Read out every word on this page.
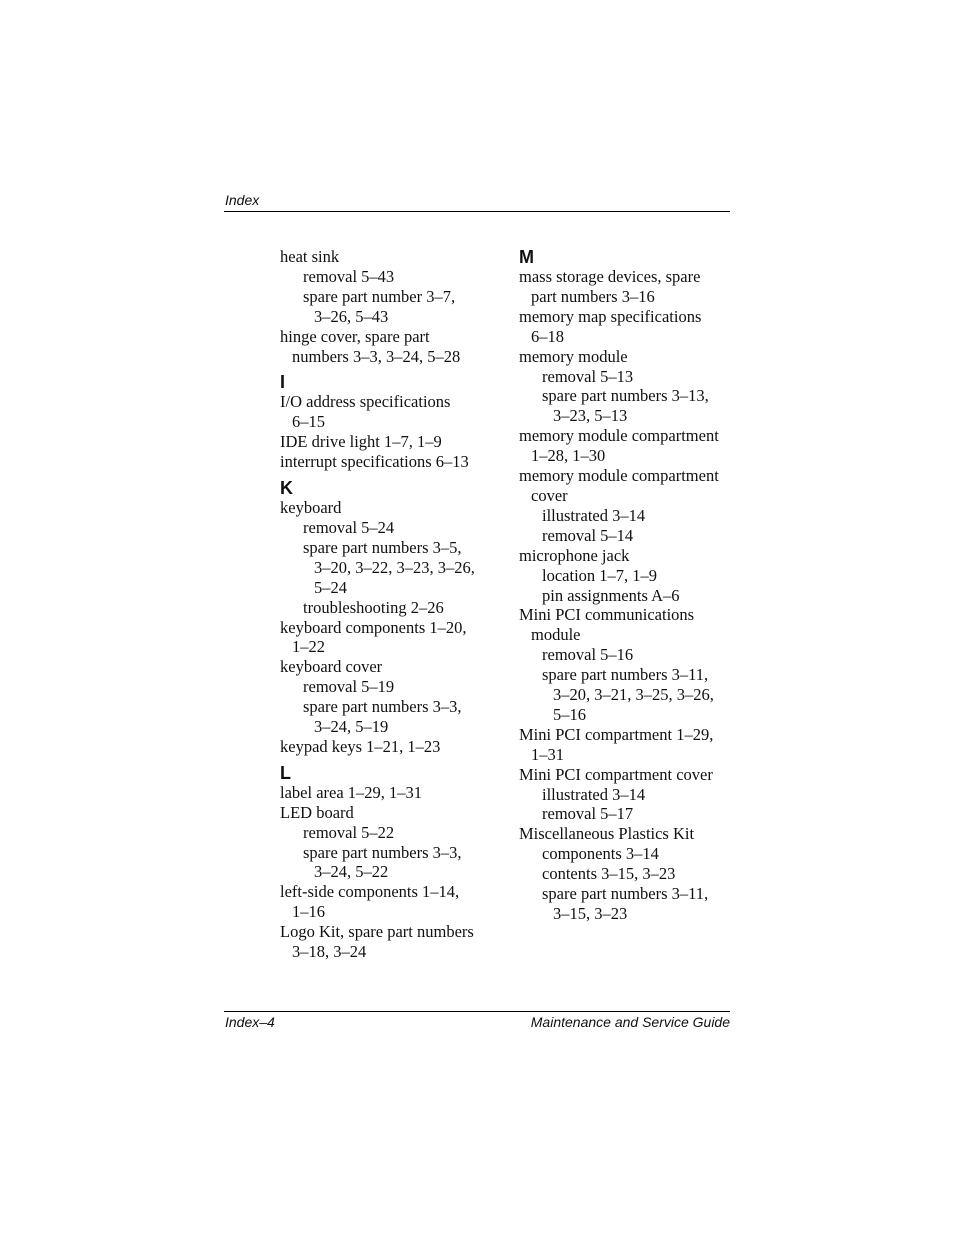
Index
heat sink
removal 5–43
spare part number 3–7,
3–26, 5–43
hinge cover, spare part
numbers 3–3, 3–24, 5–28
I
I/O address specifications
6–15
IDE drive light 1–7, 1–9
interrupt specifications 6–13
K
keyboard
removal 5–24
spare part numbers 3–5,
3–20, 3–22, 3–23, 3–26,
5–24
troubleshooting 2–26
keyboard components 1–20,
1–22
keyboard cover
removal 5–19
spare part numbers 3–3,
3–24, 5–19
keypad keys 1–21, 1–23
L
label area 1–29, 1–31
LED board
removal 5–22
spare part numbers 3–3,
3–24, 5–22
left-side components 1–14,
1–16
Logo Kit, spare part numbers
3–18, 3–24
M
mass storage devices, spare
part numbers 3–16
memory map specifications
6–18
memory module
removal 5–13
spare part numbers 3–13,
3–23, 5–13
memory module compartment
1–28, 1–30
memory module compartment
cover
illustrated 3–14
removal 5–14
microphone jack
location 1–7, 1–9
pin assignments A–6
Mini PCI communications
module
removal 5–16
spare part numbers 3–11,
3–20, 3–21, 3–25, 3–26,
5–16
Mini PCI compartment 1–29,
1–31
Mini PCI compartment cover
illustrated 3–14
removal 5–17
Miscellaneous Plastics Kit
components 3–14
contents 3–15, 3–23
spare part numbers 3–11,
3–15, 3–23
Index–4	Maintenance and Service Guide
